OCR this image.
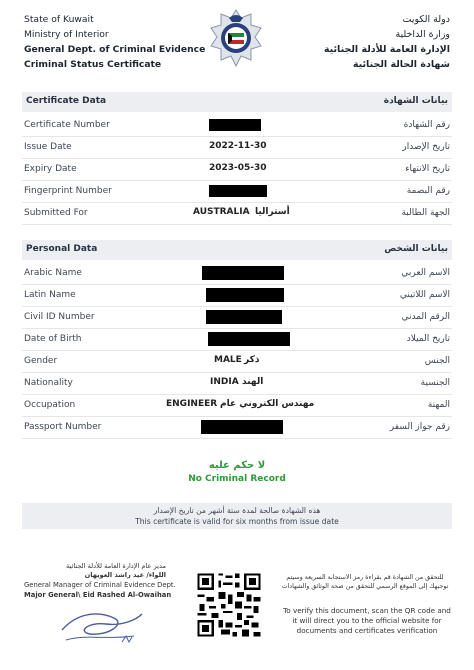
State of Kuwait
Ministry of Interior
General Dept. of Criminal Evidence
Criminal Status Certificate
دولة الكويت
وزارة الداخلية
الإدارة العامة للأدلة الجنائية
شهادة الحالة الجنائية
Certificate Data	بيانات الشهادة
Certificate Number	رقم الشهادة
Issue Date	2022-11-30	تاريخ الإصدار
Expiry Date	2023-05-30	تاريخ الانتهاء
Fingerprint Number	رقم البصمة
Submitted For	AUSTRALIA أستراليا	الجهة الطالبة
Personal Data	بيانات الشخص
Arabic Name	الاسم العربي
Latin Name	الاسم اللاتيني
Civil ID Number	الرقم المدني
Date of Birth	تاريخ الميلاد
Gender	MALE ذكر	الجنس
Nationality	INDIA الهند	الجنسية
Occupation	ENGINEER مهندس الكتروني عام	المهنة
Passport Number	رقم جواز السفر
لا حكم عليه
No Criminal Record
هذه الشهادة صالحة لمدة ستة أشهر من تاريخ الإصدار
This certificate is valid for six months from issue date
مدير عام الإدارة العامة للأدلة الجنائية
اللواء/ عيد راشد العويهان
General Manager of Criminal Evidence Dept.
Major General\ Eid Rashed Al-Owaihan
للتحقق من الشهادة قم بقراءة رمز الاستجابة السريعة وسيتم توجيهك إلى الموقع الرسمي للتحقق من صحة الوثائق والشهادات
To verify this document, scan the QR code and it will direct you to the official website for documents and certificates verification
